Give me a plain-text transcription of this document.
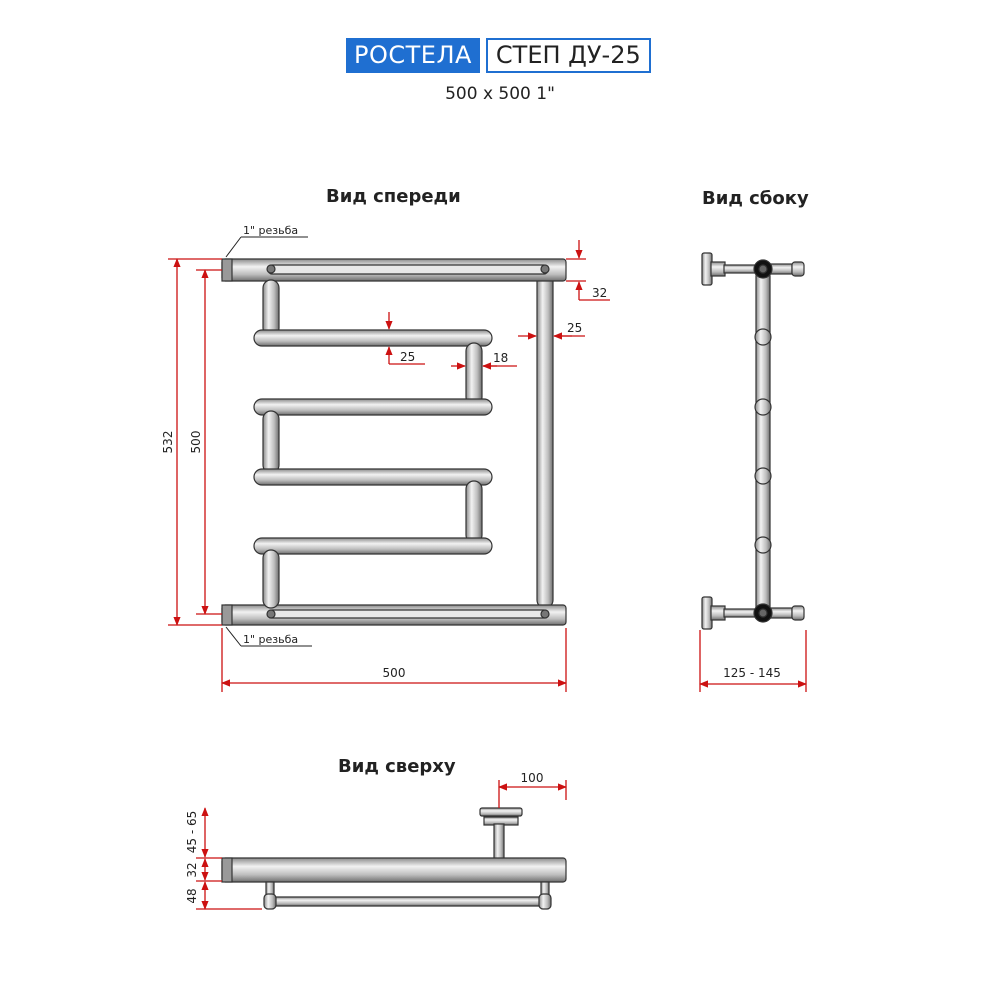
РОСТЕЛА	СТЕП ДУ-25
500 х 500 1"
Вид спереди	Вид сбоку
Вид сверху
532 500
500
32
25
25	18
1" резьба
1" резьба
125 - 145
100
45 - 65
32
48
